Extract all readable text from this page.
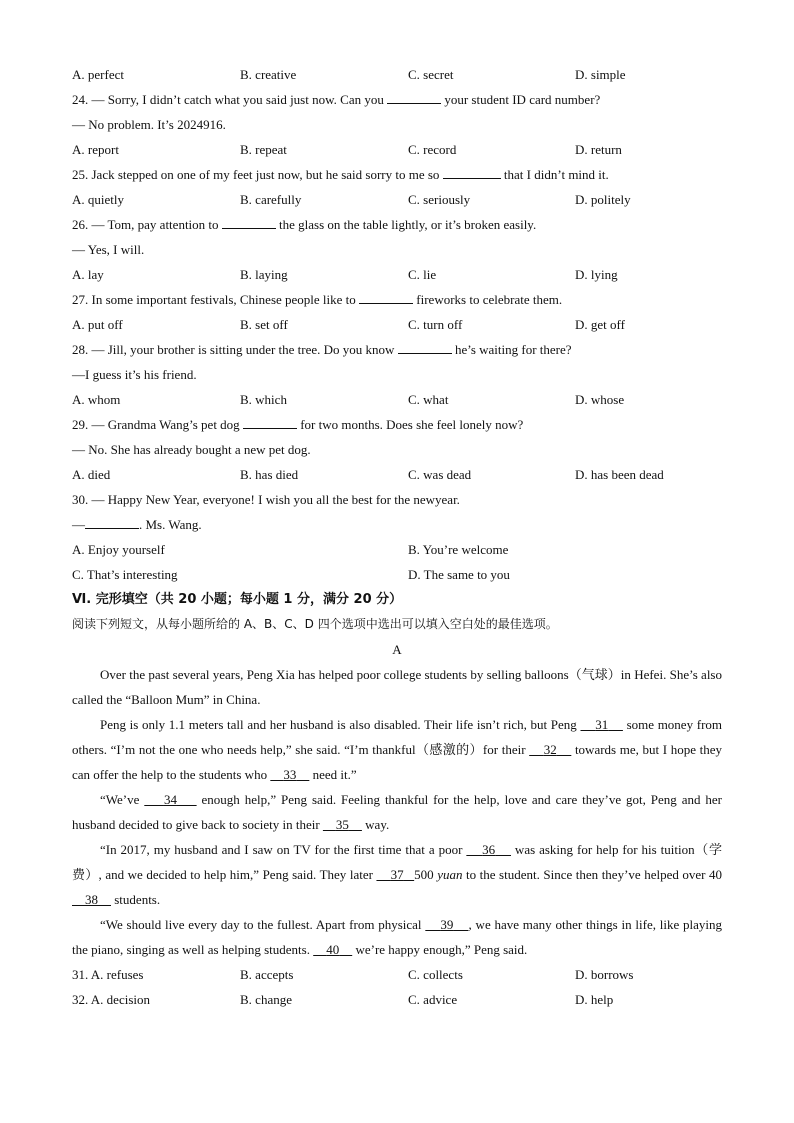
A. perfect	B. creative	C. secret	D. simple
24. — Sorry, I didn’t catch what you said just now. Can you	your student ID card number?
— No problem. It’s 2024916.
A. report	B. repeat	C. record	D. return
25. Jack stepped on one of my feet just now, but he said sorry to me so	that I didn’t mind it.
A. quietly	B. carefully	C. seriously	D. politely
26. — Tom, pay attention to	the glass on the table lightly, or it’s broken easily.
— Yes, I will.
A. lay	B. laying	C. lie	D. lying
27. In some important festivals, Chinese people like to	fireworks to celebrate them.
A. put off	B. set off	C. turn off	D. get off
28. — Jill, your brother is sitting under the tree. Do you know	he’s waiting for there?
—I guess it’s his friend.
A. whom	B. which	C. what	D. whose
29. — Grandma Wang’s pet dog	for two months. Does she feel lonely now?
— No. She has already bought a new pet dog.
A. died	B. has died	C. was dead	D. has been dead
30. — Happy New Year, everyone! I wish you all the best for the newyear.
—	. Ms. Wang.
A. Enjoy yourself	B. You’re welcome
C. That’s interesting	D. The same to you
Ⅵ. 完形填空（共 20 小题；每小题 1 分，满分 20 分）
阅读下列短文，从每小题所给的 A、B、C、D 四个选项中选出可以填入空白处的最佳选项。
A
Over the past several years, Peng Xia has helped poor college students by selling balloons（气球）in Hefei. She’s also called the “Balloon Mum” in China.
Peng is only 1.1 meters tall and her husband is also disabled. Their life isn’t rich, but Peng     31     some money from others. “I’m not the one who needs help,” she said. “I’m thankful（感激的）for their     32     towards me, but I hope they can offer the help to the students who     33     need it.”
“We’ve     34     enough help,” Peng said. Feeling thankful for the help, love and care they’ve got, Peng and her husband decided to give back to society in their     35     way.
“In 2017, my husband and I saw on TV for the first time that a poor     36     was asking for help for his tuition（学费）, and we decided to help him,” Peng said. They later     37 500 yuan to the student. Since then they’ve helped over 40     38     students.
“We should live every day to the fullest. Apart from physical     39 , we have many other things in life, like playing the piano, singing as well as helping students.     40     we’re happy enough,” Peng said.
31. A. refuses	B. accepts	C. collects	D. borrows
32. A. decision	B. change	C. advice	D. help
